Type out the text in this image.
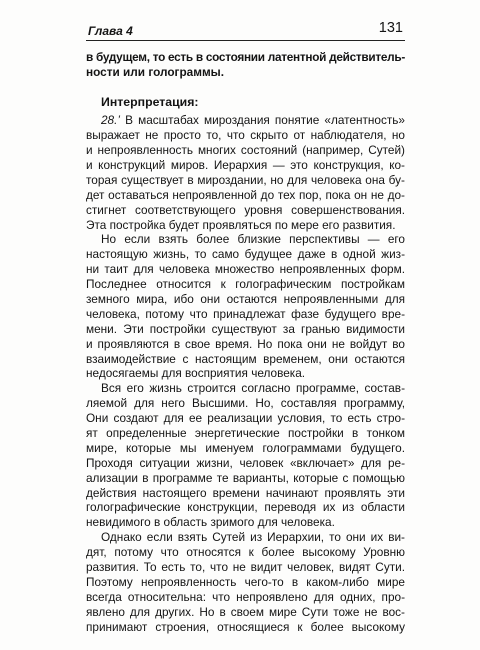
Глава 4	131
в будущем, то есть в состоянии латентной действитель-
ности или голограммы.
Интерпретация:
28.’ В масштабах мироздания понятие «латентность»
выражает не просто то, что скрыто от наблюдателя, но
и непроявленность многих состояний (например, Сутей)
и конструкций миров. Иерархия — это конструкция, ко-
торая существует в мироздании, но для человека она бу-
дет оставаться непроявленной до тех пор, пока он не до-
стигнет соответствующего уровня совершенствования.
Эта постройка будет проявляться по мере его развития.
Но если взять более близкие перспективы — его
настоящую жизнь, то само будущее даже в одной жиз-
ни таит для человека множество непроявленных форм.
Последнее относится к голографическим постройкам
земного мира, ибо они остаются непроявленными для
человека, потому что принадлежат фазе будущего вре-
мени. Эти постройки существуют за гранью видимости
и проявляются в свое время. Но пока они не войдут во
взаимодействие с настоящим временем, они остаются
недосягаемы для восприятия человека.
Вся его жизнь строится согласно программе, состав-
ляемой для него Высшими. Но, составляя программу,
Они создают для ее реализации условия, то есть стро-
ят определенные энергетические постройки в тонком
мире, которые мы именуем голограммами будущего.
Проходя ситуации жизни, человек «включает» для ре-
ализации в программе те варианты, которые с помощью
действия настоящего времени начинают проявлять эти
голографические конструкции, переводя их из области
невидимого в область зримого для человека.
Однако если взять Сутей из Иерархии, то они их ви-
дят, потому что относятся к более высокому Уровню
развития. То есть то, что не видит человек, видят Сути.
Поэтому непроявленность чего-то в каком-либо мире
всегда относительна: что непроявлено для одних, про-
явлено для других. Но в своем мире Сути тоже не вос-
принимают строения, относящиеся к более высокому
